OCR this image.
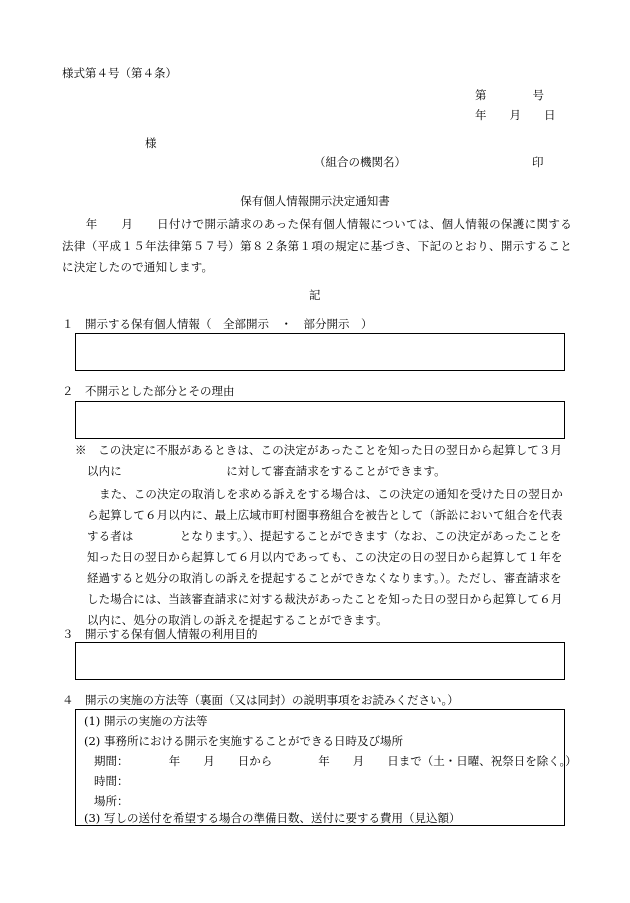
様式第４号（第４条）
第　　　　号
年　　月　　日
様
（組合の機関名）	印
保有個人情報開示決定通知書
　　年　　月　　日付けで開示請求のあった保有個人情報については、個人情報の保護に関する法律（平成１５年法律第５７号）第８２条第１項の規定に基づき、下記のとおり、開示することに決定したので通知します。
記
１　開示する保有個人情報（　全部開示　・　部分開示　）
２　不開示とした部分とその理由

※　この決定に不服があるときは、この決定があったことを知った日の翌日から起算して３月以内に　　　　　　　　　に対して審査請求をすることができます。

また、この決定の取消しを求める訴えをする場合は、この決定の通知を受けた日の翌日から起算して６月以内に、最上広域市町村圏事務組合を被告として（訴訟において組合を代表する者は　　　　となります。）、提起することができます（なお、この決定があったことを知った日の翌日から起算して６月以内であっても、この決定の日の翌日から起算して１年を経過すると処分の取消しの訴えを提起することができなくなります。）。ただし、審査請求をした場合には、当該審査請求に対する裁決があったことを知った日の翌日から起算して６月以内に、処分の取消しの訴えを提起することができます。

３　開示する保有個人情報の利用目的
４　開示の実施の方法等（裏面（又は同封）の説明事項をお読みください。）
(1) 開示の実施の方法等
(2) 事務所における開示を実施することができる日時及び場所
期間：　　　　年　　月　　日から　　　　年　　月　　日まで（土・日曜、祝祭日を除く。）
時間：
場所：
(3) 写しの送付を希望する場合の準備日数、送付に要する費用（見込額）
